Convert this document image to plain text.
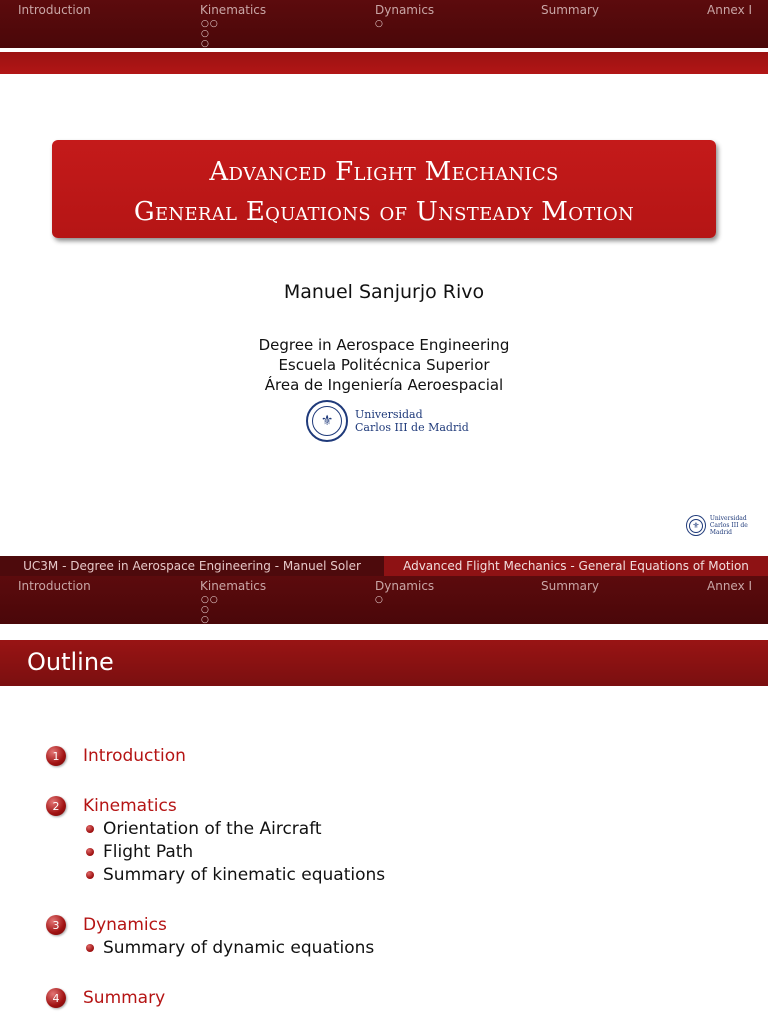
Introduction	Kinematics	Dynamics	Summary	Annex I
○○
○
○
○
Advanced Flight Mechanics
General Equations of Unsteady Motion
Manuel Sanjurjo Rivo
Degree in Aerospace Engineering
Escuela Politécnica Superior
Área de Ingeniería Aeroespacial
⚜	Universidad
Carlos III de Madrid
⚜
Universidad
Carlos III de Madrid
UC3M - Degree in Aerospace Engineering - Manuel Soler	Advanced Flight Mechanics - General Equations of Motion
Introduction	Kinematics	Dynamics	Summary	Annex I
○○
○
○
○
Outline
1	Introduction
2	Kinematics
Orientation of the Aircraft
Flight Path
Summary of kinematic equations
3	Dynamics
Summary of dynamic equations
4	Summary
